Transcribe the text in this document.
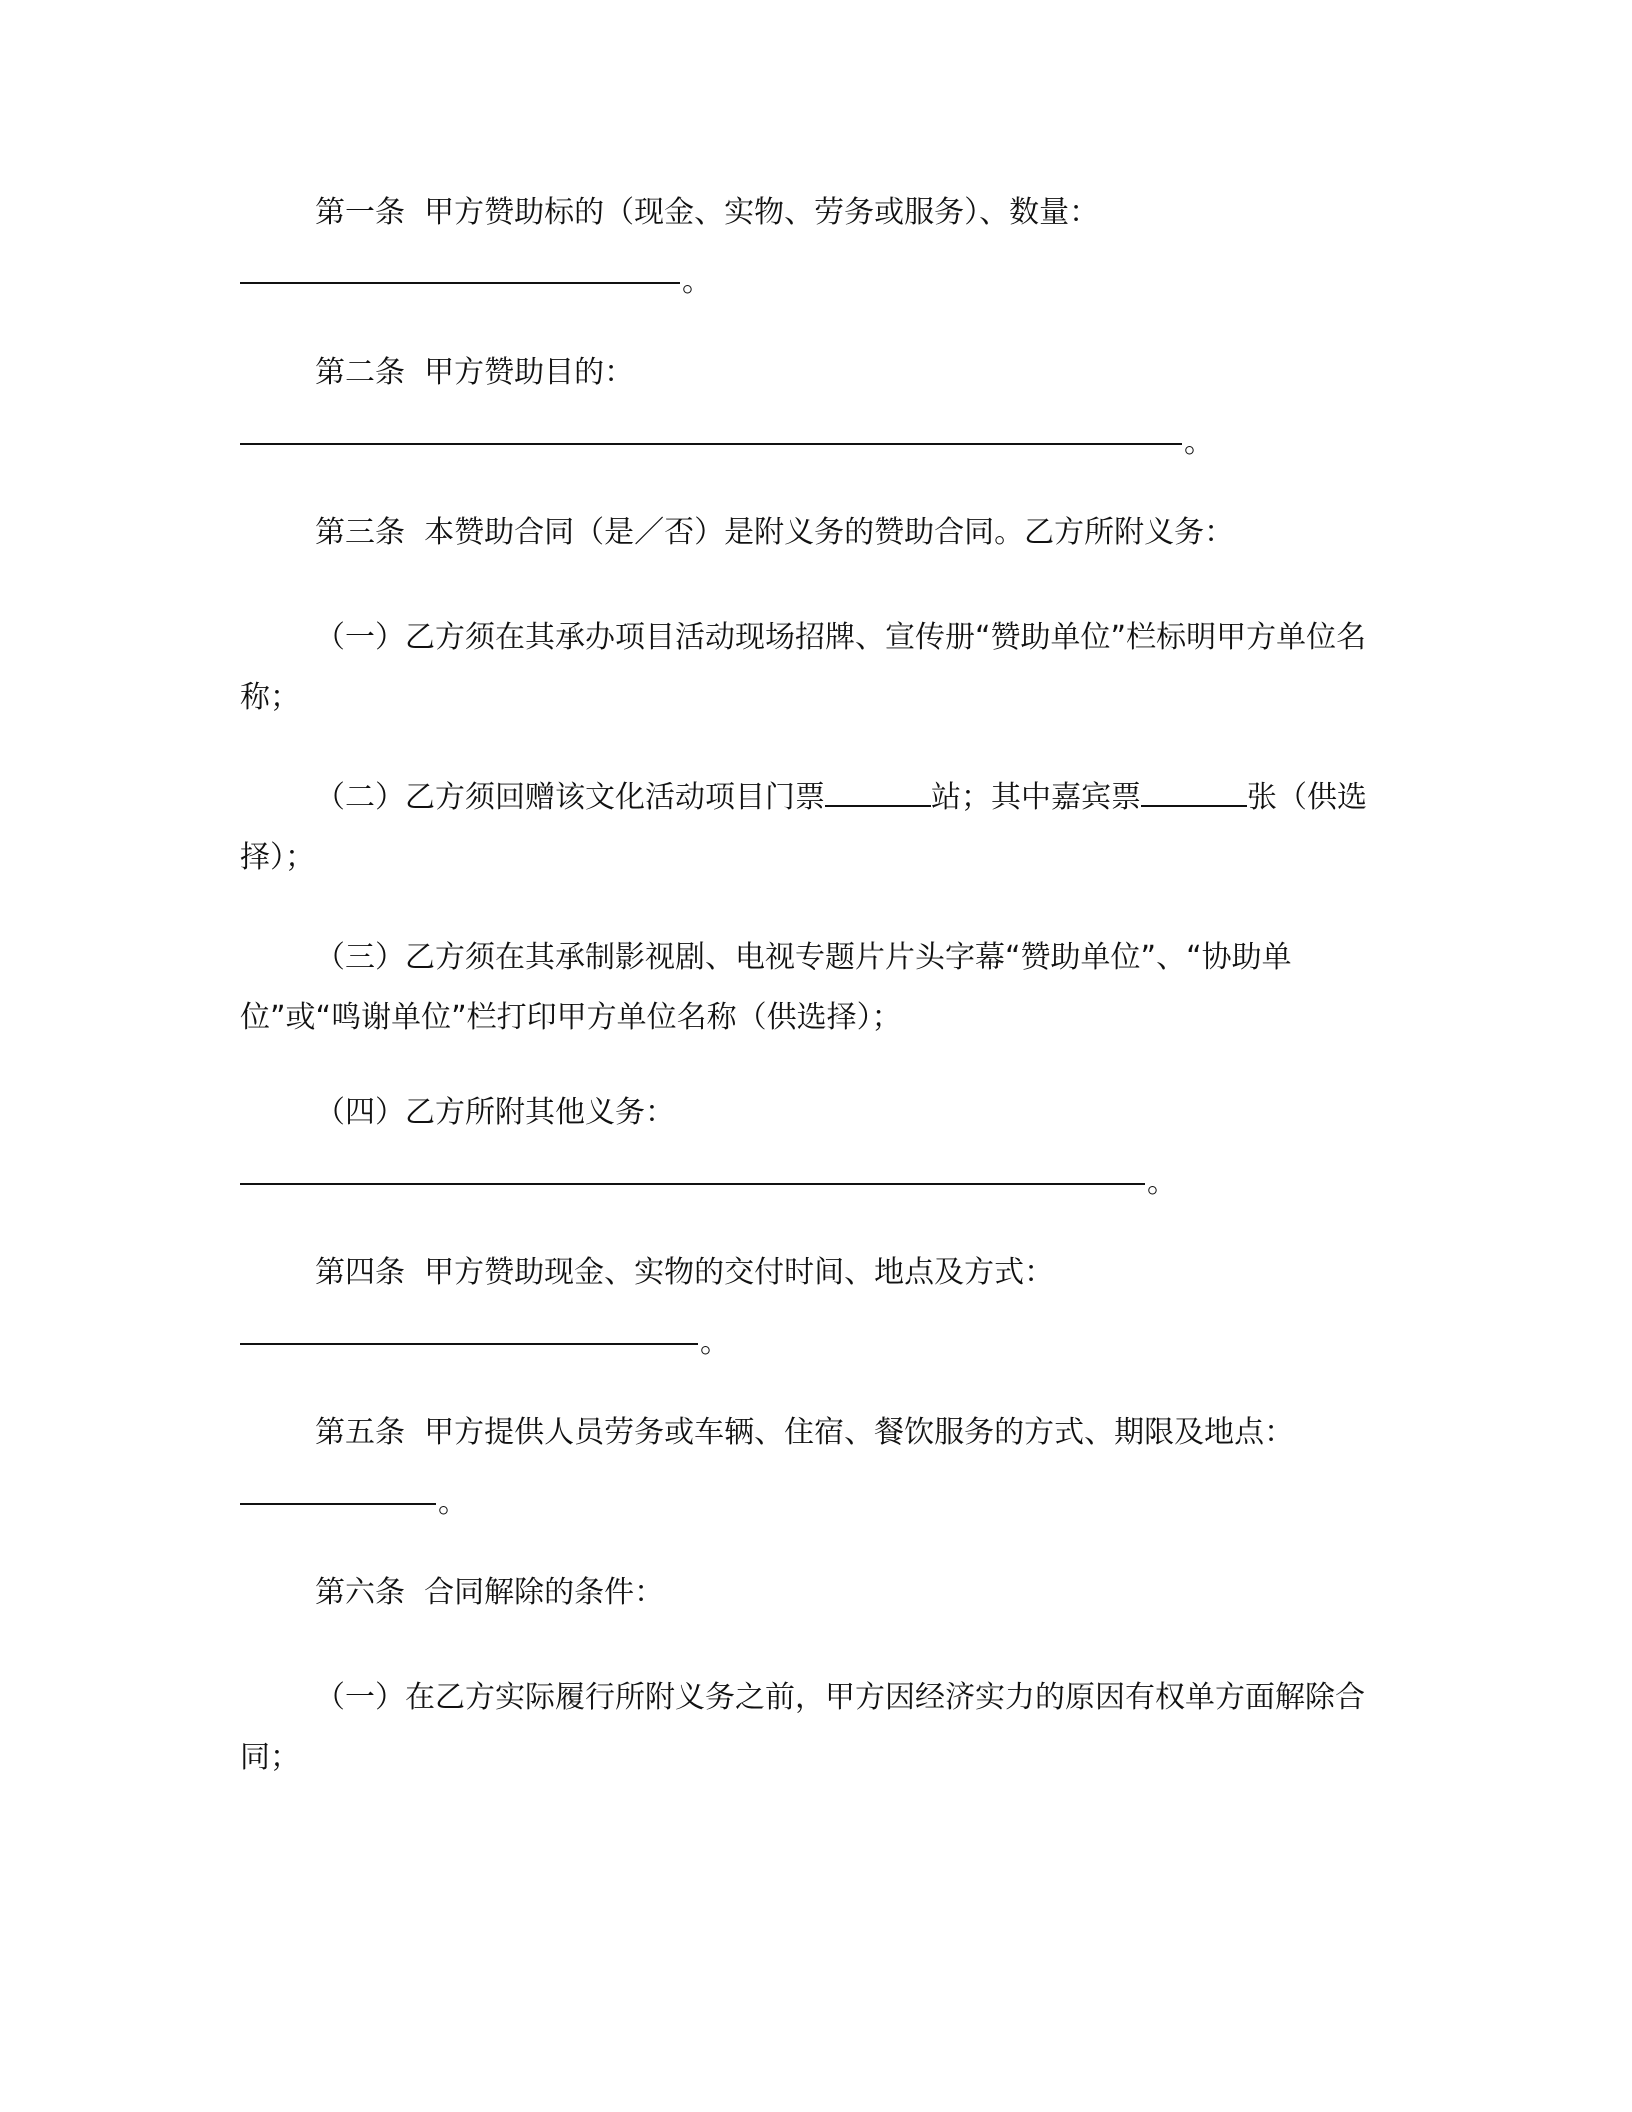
第一条 甲方赞助标的（现金、实物、劳务或服务）、数量：
。
第二条 甲方赞助目的：
。
第三条 本赞助合同（是／否）是附义务的赞助合同。乙方所附义务：
（一）乙方须在其承办项目活动现场招牌、宣传册“赞助单位”栏标明甲方单位名称；
（二）乙方须回赠该文化活动项目门票	站；其中嘉宾票	张（供选择）；
（三）乙方须在其承制影视剧、电视专题片片头字幕“赞助单位”、“协助单位”或“鸣谢单位”栏打印甲方单位名称（供选择）；
（四）乙方所附其他义务：
。
第四条 甲方赞助现金、实物的交付时间、地点及方式：
。
第五条 甲方提供人员劳务或车辆、住宿、餐饮服务的方式、期限及地点：
。
第六条 合同解除的条件：
（一）在乙方实际履行所附义务之前，甲方因经济实力的原因有权单方面解除合同；
